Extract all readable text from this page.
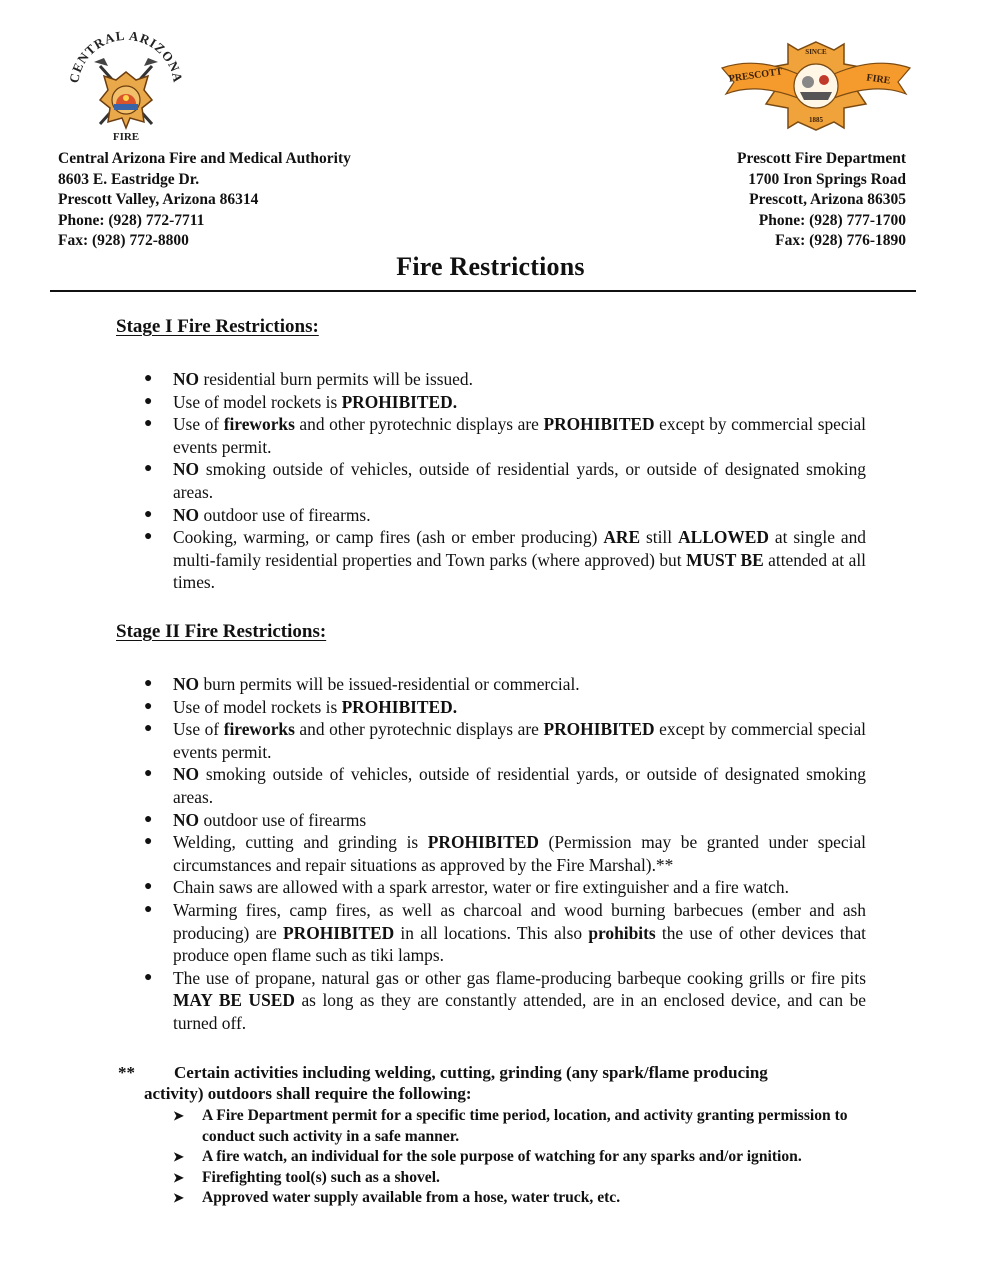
CENTRAL ARIZONA
FIRE
SINCE
PRESCOTT	FIRE
1885
Central Arizona Fire and Medical Authority
8603 E. Eastridge Dr.
Prescott Valley, Arizona 86314
Phone: (928) 772-7711
Fax: (928) 772-8800
Prescott Fire Department
1700 Iron Springs Road
Prescott, Arizona 86305
Phone: (928) 777-1700
Fax: (928) 776-1890
Fire Restrictions
Stage I Fire Restrictions:
●	NO residential burn permits will be issued.
●	Use of model rockets is PROHIBITED.
●	Use of fireworks and other pyrotechnic displays are PROHIBITED except by commercial special events permit.
●	NO smoking outside of vehicles, outside of residential yards, or outside of designated smoking areas.
●	NO outdoor use of firearms.
●	Cooking, warming, or camp fires (ash or ember producing) ARE still ALLOWED at single and multi-family residential properties and Town parks (where approved) but MUST BE attended at all times.
Stage II Fire Restrictions:
●	NO burn permits will be issued-residential or commercial.
●	Use of model rockets is PROHIBITED.
●	Use of fireworks and other pyrotechnic displays are PROHIBITED except by commercial special events permit.
●	NO smoking outside of vehicles, outside of residential yards, or outside of designated smoking areas.
●	NO outdoor use of firearms
●	Welding, cutting and grinding is PROHIBITED (Permission may be granted under special circumstances and repair situations as approved by the Fire Marshal).**
●	Chain saws are allowed with a spark arrestor, water or fire extinguisher and a fire watch.
●	Warming fires, camp fires, as well as charcoal and wood burning barbecues (ember and ash producing) are PROHIBITED in all locations. This also prohibits the use of other devices that produce open flame such as tiki lamps.
●	The use of propane, natural gas or other gas flame-producing barbeque cooking grills or fire pits MAY BE USED as long as they are constantly attended, are in an enclosed device, and can be turned off.
**	Certain activities including welding, cutting, grinding (any spark/flame producing
activity) outdoors shall require the following:
➤ A Fire Department permit for a specific time period, location, and activity granting permission to conduct such activity in a safe manner.
➤ A fire watch, an individual for the sole purpose of watching for any sparks and/or ignition.
➤ Firefighting tool(s) such as a shovel.
➤ Approved water supply available from a hose, water truck, etc.
